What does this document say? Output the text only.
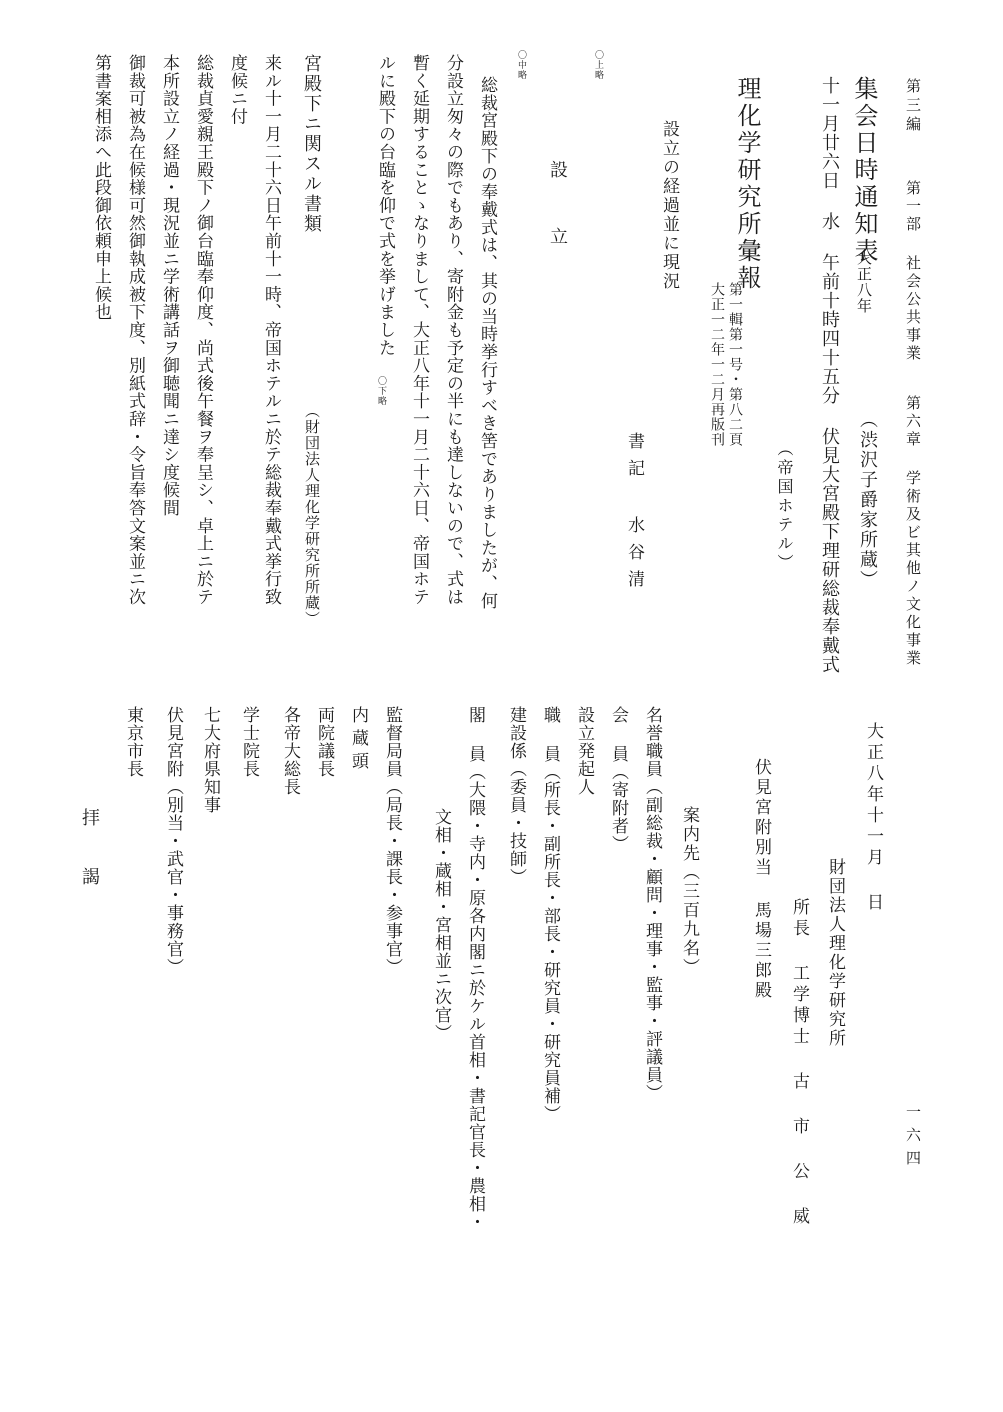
第三編
第一部 社会公共事業
第六章 学術及ビ其他ノ文化事業
一六四
集会日時通知表
大正八年
（渋沢子爵家所蔵）
十一月廿六日 水 午前十時四十五分 伏見大宮殿下理研総裁奉戴式
（帝国ホテル）
理化学研究所彙報
第一輯第一号・第八二頁
大正一二年一二月再版刊
設立の経過並に現況
書記 水谷清
〇上略
設 立
〇中略
総裁宮殿下の奉戴式は、其の当時挙行すべき筈でありましたが、何
分設立匆々の際でもあり、寄附金も予定の半にも達しないので、式は
暫く延期することゝなりまして、大正八年十一月二十六日、帝国ホテ
ルに殿下の台臨を仰で式を挙げました
〇下略
宮殿下ニ関スル書類
（財団法人理化学研究所所蔵）
来ル十一月二十六日午前十一時、帝国ホテルニ於テ総裁奉戴式挙行致
度候ニ付
総裁貞愛親王殿下ノ御台臨奉仰度、尚式後午餐ヲ奉呈シ、卓上ニ於テ
本所設立ノ経過・現況並ニ学術講話ヲ御聴聞ニ達シ度候間
御裁可被為在候様可然御執成被下度、別紙式辞・令旨奉答文案並ニ次
第書案相添へ此段御依頼申上候也
大正八年十一月 日
財団法人理化学研究所
所長 工学博士 古 市 公 威
伏見宮附別当 馬場三郎殿
案内先（三百九名）
名誉職員（副総裁・顧問・理事・監事・評議員）
会 員（寄附者）
設立発起人
職 員（所長・副所長・部長・研究員・研究員補）
建設係（委員・技師）
閣 員（大隈・寺内・原各内閣ニ於ケル首相・書記官長・農相・
文相・蔵相・宮相並ニ次官）
監督局員（局長・課長・参事官）
内蔵頭
両院議長
各帝大総長
学士院長
七大府県知事
伏見宮附（別当・武官・事務官）
東京市長
拝 謁
